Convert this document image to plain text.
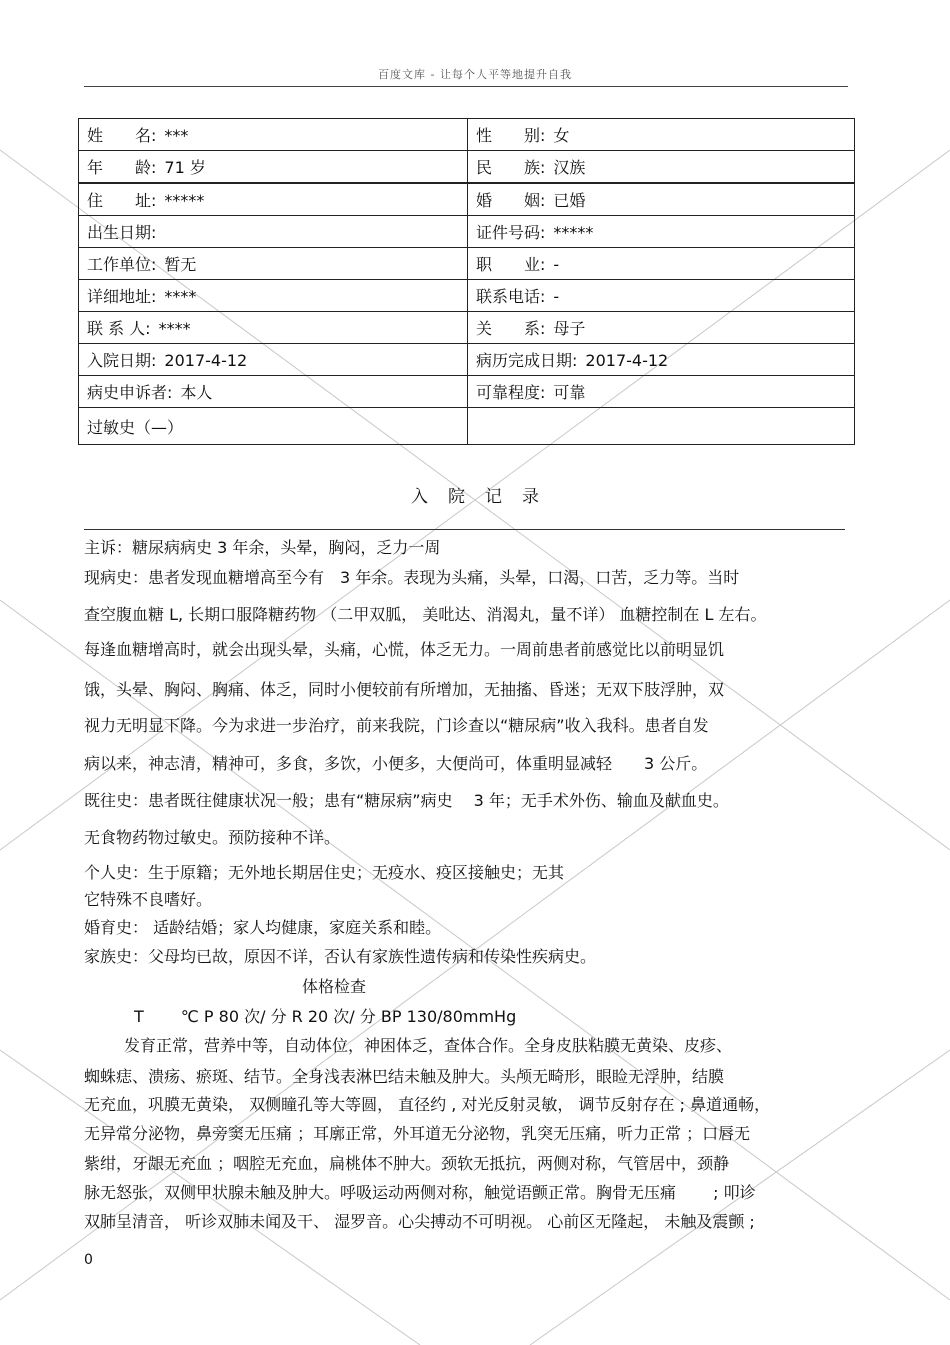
百度文库 - 让每个人平等地提升自我
姓　　名: ***	性　　别: 女
年　　龄: 71 岁	民　　族: 汉族
住　　址: *****	婚　　姻: 已婚
出生日期:	证件号码: *****
工作单位: 暂无	职　　业: -
详细地址: ****	联系电话: -
联 系 人: ****	关　　系: 母子
入院日期: 2017-4-12	病历完成日期: 2017-4-12
病史申诉者: 本人	可靠程度: 可靠
过敏史（—）	
入院记录
主诉：糖尿病病史 3 年余，头晕，胸闷，乏力一周
现病史：患者发现血糖增高至今有　3 年余。表现为头痛，头晕，口渴，口苦，乏力等。当时
查空腹血糖 L, 长期口服降糖药物 （二甲双胍， 美吡达、消渴丸，量不详） 血糖控制在 L 左右。
每逢血糖增高时，就会出现头晕，头痛，心慌，体乏无力。一周前患者前感觉比以前明显饥
饿，头晕、胸闷、胸痛、体乏，同时小便较前有所增加，无抽搐、昏迷；无双下肢浮肿，双
视力无明显下降。今为求进一步治疗，前来我院，门诊查以“糖尿病”收入我科。患者自发
病以来，神志清，精神可，多食，多饮，小便多，大便尚可，体重明显减轻　　3 公斤。
既往史：患者既往健康状况一般；患有“糖尿病”病史　 3 年；无手术外伤、输血及献血史。
无食物药物过敏史。预防接种不详。
个人史：生于原籍；无外地长期居住史；无疫水、疫区接触史；无其
它特殊不良嗜好。
婚育史： 适龄结婚；家人均健康，家庭关系和睦。
家族史：父母均已故，原因不详，否认有家族性遗传病和传染性疾病史。
体格检查
T　　 ℃ P 80 次/ 分 R 20 次/ 分 BP 130/80mmHg
发育正常，营养中等，自动体位，神困体乏，查体合作。全身皮肤粘膜无黄染、皮疹、
蜘蛛痣、溃疡、瘀斑、结节。全身浅表淋巴结未触及肿大。头颅无畸形，眼睑无浮肿，结膜
无充血，巩膜无黄染， 双侧瞳孔等大等圆， 直径约 , 对光反射灵敏， 调节反射存在 ; 鼻道通畅，
无异常分泌物，鼻旁窦无压痛 ；耳廓正常，外耳道无分泌物，乳突无压痛，听力正常 ；口唇无
紫绀，牙龈无充血 ；咽腔无充血，扁桃体不肿大。颈软无抵抗，两侧对称，气管居中，颈静
脉无怒张，双侧甲状腺未触及肿大。呼吸运动两侧对称，触觉语颤正常。胸骨无压痛　　 ; 叩诊
双肺呈清音， 听诊双肺未闻及干、 湿罗音。心尖搏动不可明视。 心前区无隆起， 未触及震颤 ;
0
